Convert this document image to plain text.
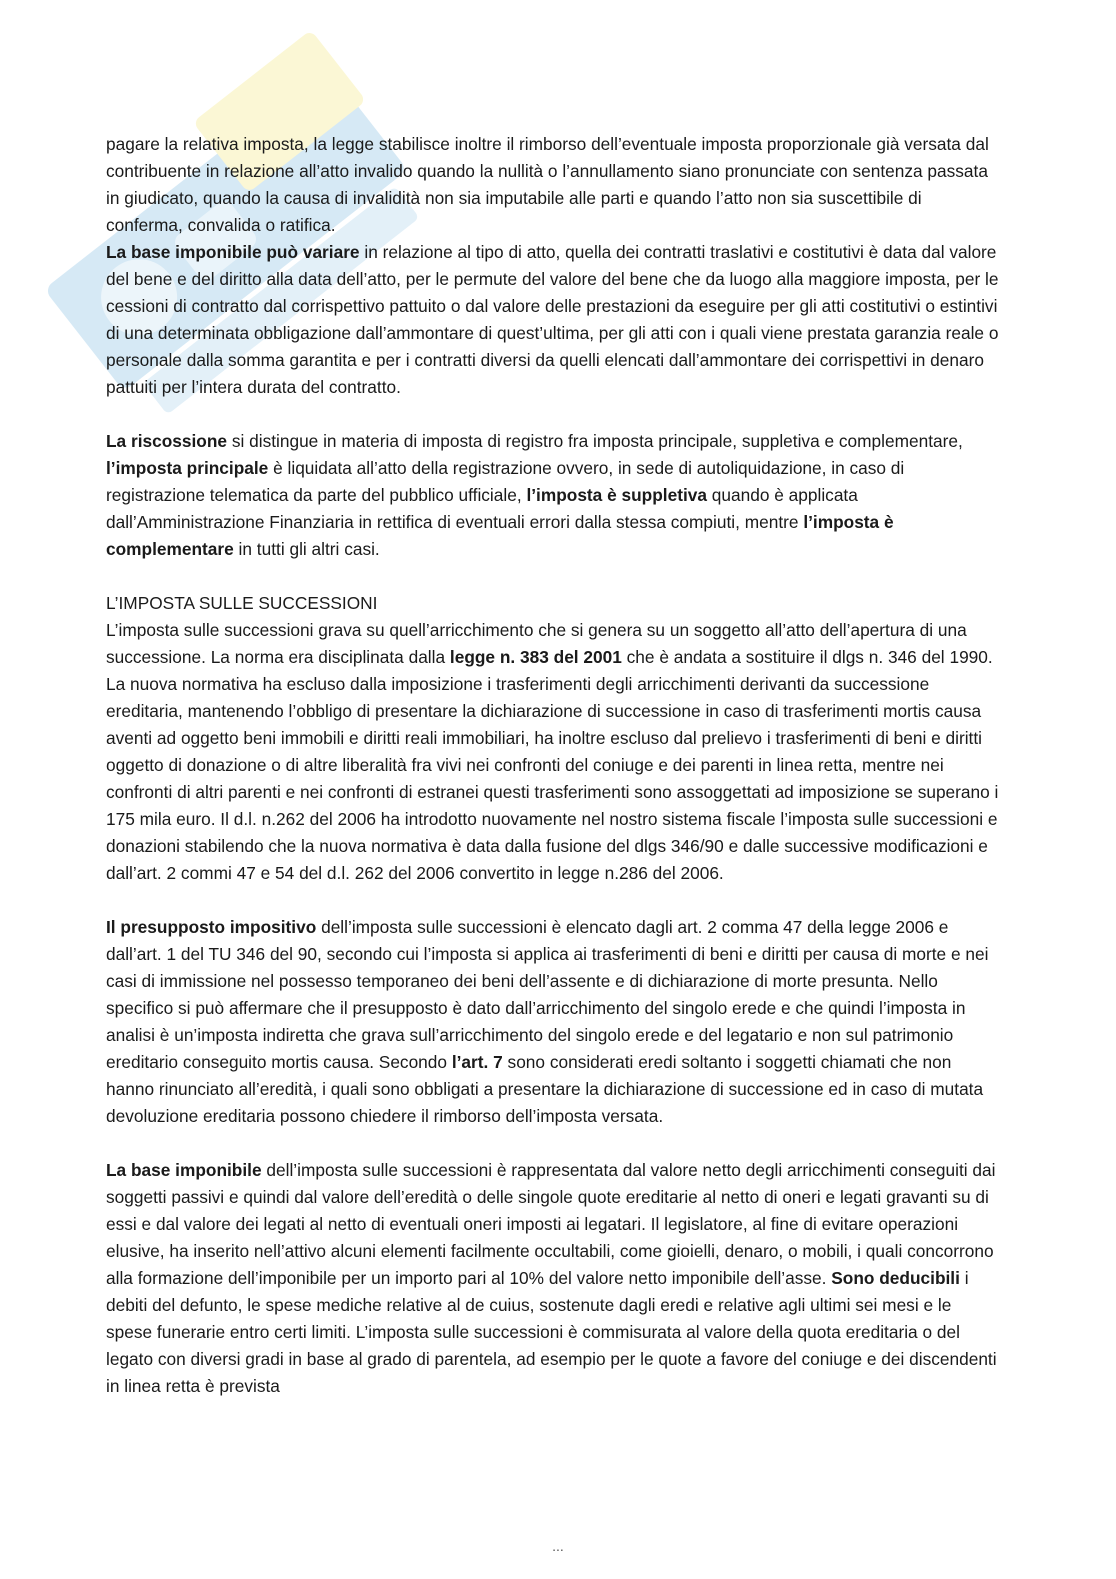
pagare la relativa imposta, la legge stabilisce inoltre il rimborso dell’eventuale imposta proporzionale già versata dal contribuente in relazione all’atto invalido quando la nullità o l’annullamento siano pronunciate con sentenza passata in giudicato, quando la causa di invalidità non sia imputabile alle parti e quando l’atto non sia suscettibile di conferma, convalida o ratifica.

La base imponibile può variare in relazione al tipo di atto, quella dei contratti traslativi e costitutivi è data dal valore del bene e del diritto alla data dell’atto, per le permute del valore del bene che da luogo alla maggiore imposta, per le cessioni di contratto dal corrispettivo pattuito o dal valore delle prestazioni da eseguire per gli atti costitutivi o estintivi di una determinata obbligazione dall’ammontare di quest’ultima, per gli atti con i quali viene prestata garanzia reale o personale dalla somma garantita e per i contratti diversi da quelli elencati dall’ammontare dei corrispettivi in denaro pattuiti per l’intera durata del contratto.

La riscossione si distingue in materia di imposta di registro fra imposta principale, suppletiva e complementare, l’imposta principale è liquidata all’atto della registrazione ovvero, in sede di autoliquidazione, in caso di registrazione telematica da parte del pubblico ufficiale, l’imposta è suppletiva quando è applicata dall’Amministrazione Finanziaria in rettifica di eventuali errori dalla stessa compiuti, mentre l’imposta è complementare in tutti gli altri casi.

L’IMPOSTA SULLE SUCCESSIONI

L’imposta sulle successioni grava su quell’arricchimento che si genera su un soggetto all’atto dell’apertura di una successione. La norma era disciplinata dalla legge n. 383 del 2001 che è andata a sostituire il dlgs n. 346 del 1990. La nuova normativa ha escluso dalla imposizione i trasferimenti degli arricchimenti derivanti da successione ereditaria, mantenendo l’obbligo di presentare la dichiarazione di successione in caso di trasferimenti mortis causa aventi ad oggetto beni immobili e diritti reali immobiliari, ha inoltre escluso dal prelievo i trasferimenti di beni e diritti oggetto di donazione o di altre liberalità fra vivi nei confronti del coniuge e dei parenti in linea retta, mentre nei confronti di altri parenti e nei confronti di estranei questi trasferimenti sono assoggettati ad imposizione se superano i 175 mila euro. Il d.l. n.262 del 2006 ha introdotto nuovamente nel nostro sistema fiscale l’imposta sulle successioni e donazioni stabilendo che la nuova normativa è data dalla fusione del dlgs 346/90 e dalle successive modificazioni e dall’art. 2 commi 47 e 54 del d.l. 262 del 2006 convertito in legge n.286 del 2006.

Il presupposto impositivo dell’imposta sulle successioni è elencato dagli art. 2 comma 47 della legge 2006 e dall’art. 1 del TU 346 del 90, secondo cui l’imposta si applica ai trasferimenti di beni e diritti per causa di morte e nei casi di immissione nel possesso temporaneo dei beni dell’assente e di dichiarazione di morte presunta. Nello specifico si può affermare che il presupposto è dato dall’arricchimento del singolo erede e che quindi l’imposta in analisi è un’imposta indiretta che grava sull’arricchimento del singolo erede e del legatario e non sul patrimonio ereditario conseguito mortis causa. Secondo l’art. 7 sono considerati eredi soltanto i soggetti chiamati che non hanno rinunciato all’eredità, i quali sono obbligati a presentare la dichiarazione di successione ed in caso di mutata devoluzione ereditaria possono chiedere il rimborso dell’imposta versata.

La base imponibile dell’imposta sulle successioni è rappresentata dal valore netto degli arricchimenti conseguiti dai soggetti passivi e quindi dal valore dell’eredità o delle singole quote ereditarie al netto di oneri e legati gravanti su di essi e dal valore dei legati al netto di eventuali oneri imposti ai legatari. Il legislatore, al fine di evitare operazioni elusive, ha inserito nell’attivo alcuni elementi facilmente occultabili, come gioielli, denaro, o mobili, i quali concorrono alla formazione dell’imponibile per un importo pari al 10% del valore netto imponibile dell’asse. Sono deducibili i debiti del defunto, le spese mediche relative al de cuius, sostenute dagli eredi e relative agli ultimi sei mesi e le spese funerarie entro certi limiti. L’imposta sulle successioni è commisurata al valore della quota ereditaria o del legato con diversi gradi in base al grado di parentela, ad esempio per le quote a favore del coniuge e dei discendenti in linea retta è prevista

...
